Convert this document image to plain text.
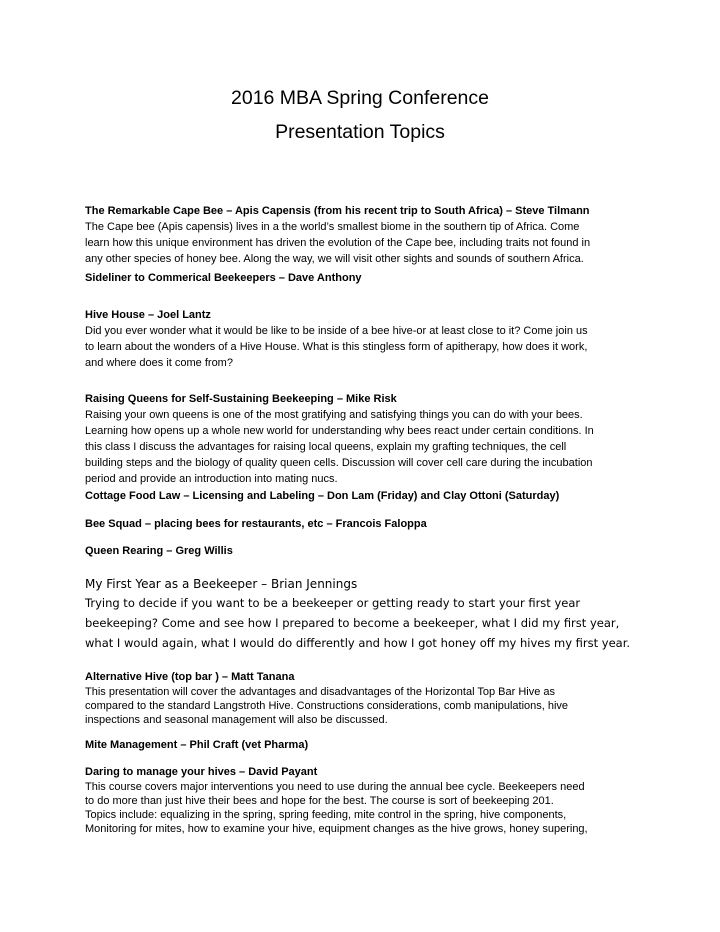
2016 MBA Spring Conference
Presentation Topics
The Remarkable Cape Bee – Apis Capensis (from his recent trip to South Africa) – Steve Tilmann
The Cape bee (Apis capensis) lives in a the world’s smallest biome in the southern tip of Africa. Come
learn how this unique environment has driven the evolution of the Cape bee, including traits not found in
any other species of honey bee. Along the way, we will visit other sights and sounds of southern Africa.
Sideliner to Commerical Beekeepers – Dave Anthony
Hive House – Joel Lantz
Did you ever wonder what it would be like to be inside of a bee hive-or at least close to it? Come join us
to learn about the wonders of a Hive House. What is this stingless form of apitherapy, how does it work,
and where does it come from?
Raising Queens for Self-Sustaining Beekeeping – Mike Risk
Raising your own queens is one of the most gratifying and satisfying things you can do with your bees.
Learning how opens up a whole new world for understanding why bees react under certain conditions. In
this class I discuss the advantages for raising local queens, explain my grafting techniques, the cell
building steps and the biology of quality queen cells. Discussion will cover cell care during the incubation
period and provide an introduction into mating nucs.
Cottage Food Law – Licensing and Labeling – Don Lam (Friday) and Clay Ottoni (Saturday)
Bee Squad – placing bees for restaurants, etc – Francois Faloppa
Queen Rearing – Greg Willis
My First Year as a Beekeeper – Brian Jennings
Trying to decide if you want to be a beekeeper or getting ready to start your first year
beekeeping? Come and see how I prepared to become a beekeeper, what I did my first year,
what I would again, what I would do differently and how I got honey off my hives my first year.
Alternative Hive (top bar ) – Matt Tanana
This presentation will cover the advantages and disadvantages of the Horizontal Top Bar Hive as
compared to the standard Langstroth Hive. Constructions considerations, comb manipulations, hive
inspections and seasonal management will also be discussed.
Mite Management – Phil Craft (vet Pharma)
Daring to manage your hives – David Payant
This course covers major interventions you need to use during the annual bee cycle. Beekeepers need
to do more than just hive their bees and hope for the best. The course is sort of beekeeping 201.
Topics include: equalizing in the spring, spring feeding, mite control in the spring, hive components,
Monitoring for mites, how to examine your hive, equipment changes as the hive grows, honey supering,
